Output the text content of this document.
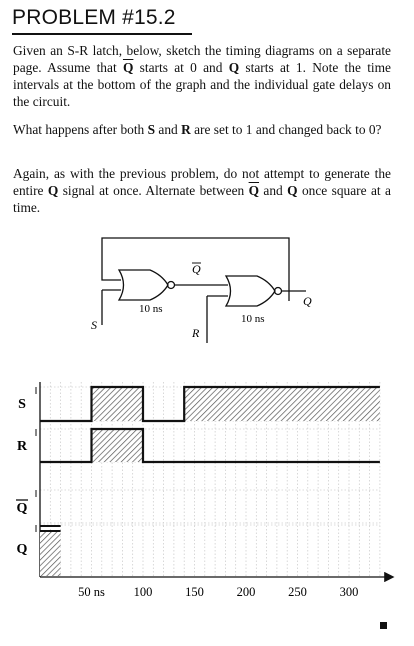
PROBLEM #15.2

Given an S-R latch, below, sketch the timing diagrams on a separate page. Assume that $\overline{Q}$ starts at 0 and Q starts at 1. Note the time intervals at the bottom of the graph and the individual gate delays on the circuit.

What happens after both S and R are set to 1 and changed back to 0?

Again, as with the previous problem, do not attempt to generate the entire Q signal at once. Alternate between $\overline{Q}$ and Q once square at a time.

10 ns
10 ns
S
R
Q
Q
S
R
Q
Q
50 ns 100	150	200	250	300
